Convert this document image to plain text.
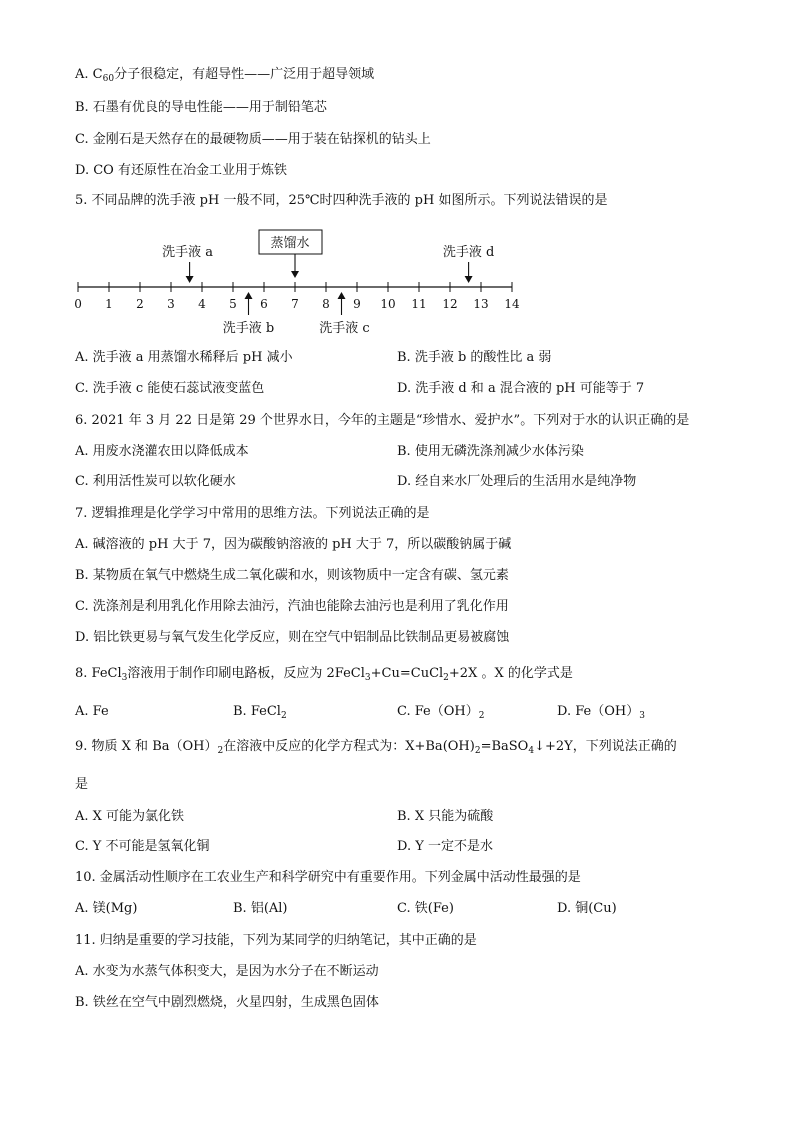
A. $C_{60}$分子很稳定，有超导性——广泛用于超导领域
B. 石墨有优良的导电性能——用于制铅笔芯
C. 金刚石是天然存在的最硬物质——用于装在钻探机的钻头上
D. CO 有还原性在冶金工业用于炼铁
5. 不同品牌的洗手液 pH 一般不同，25℃时四种洗手液的 pH 如图所示。下列说法错误的是
0 1 2 3 4 5 6 7 8 9 10 11 12 13 14
蒸馏水
洗手液 a	洗手液 d
洗手液 b	洗手液 c
A. 洗手液 a 用蒸馏水稀释后 pH 减小	B. 洗手液 b 的酸性比 a 弱
C. 洗手液 c 能使石蕊试液变蓝色	D. 洗手液 d 和 a 混合液的 pH 可能等于 7
6. 2021 年 3 月 22 日是第 29 个世界水日，今年的主题是“珍惜水、爱护水”。下列对于水的认识正确的是
A. 用废水浇灌农田以降低成本	B. 使用无磷洗涤剂减少水体污染
C. 利用活性炭可以软化硬水	D. 经自来水厂处理后的生活用水是纯净物
7. 逻辑推理是化学学习中常用的思维方法。下列说法正确的是
A. 碱溶液的 pH 大于 7，因为碳酸钠溶液的 pH 大于 7，所以碳酸钠属于碱
B. 某物质在氧气中燃烧生成二氧化碳和水，则该物质中一定含有碳、氢元素
C. 洗涤剂是利用乳化作用除去油污，汽油也能除去油污也是利用了乳化作用
D. 铝比铁更易与氧气发生化学反应，则在空气中铝制品比铁制品更易被腐蚀
8. FeCl$_3$溶液用于制作印刷电路板，反应为 2FeCl$_3$+Cu=CuCl$_2$+2X 。X 的化学式是
A. Fe	B. FeCl$_2$	C. $Fe(OH)_2$	D. $Fe(OH)_3$
9. 物质 X 和 $Ba(OH)_2$在溶液中反应的化学方程式为：$X+Ba(OH)_2=BaSO_4↓+2Y$，下列说法正确的
是
A. X 可能为氯化铁	B. X 只能为硫酸
C. Y 不可能是氢氧化铜	D. Y 一定不是水
10. 金属活动性顺序在工农业生产和科学研究中有重要作用。下列金属中活动性最强的是
A. 镁(Mg)	B. 铝(Al)	C. 铁(Fe)	D. 铜(Cu)
11. 归纳是重要的学习技能，下列为某同学的归纳笔记，其中正确的是
A. 水变为水蒸气体积变大，是因为水分子在不断运动
B. 铁丝在空气中剧烈燃烧，火星四射，生成黑色固体
